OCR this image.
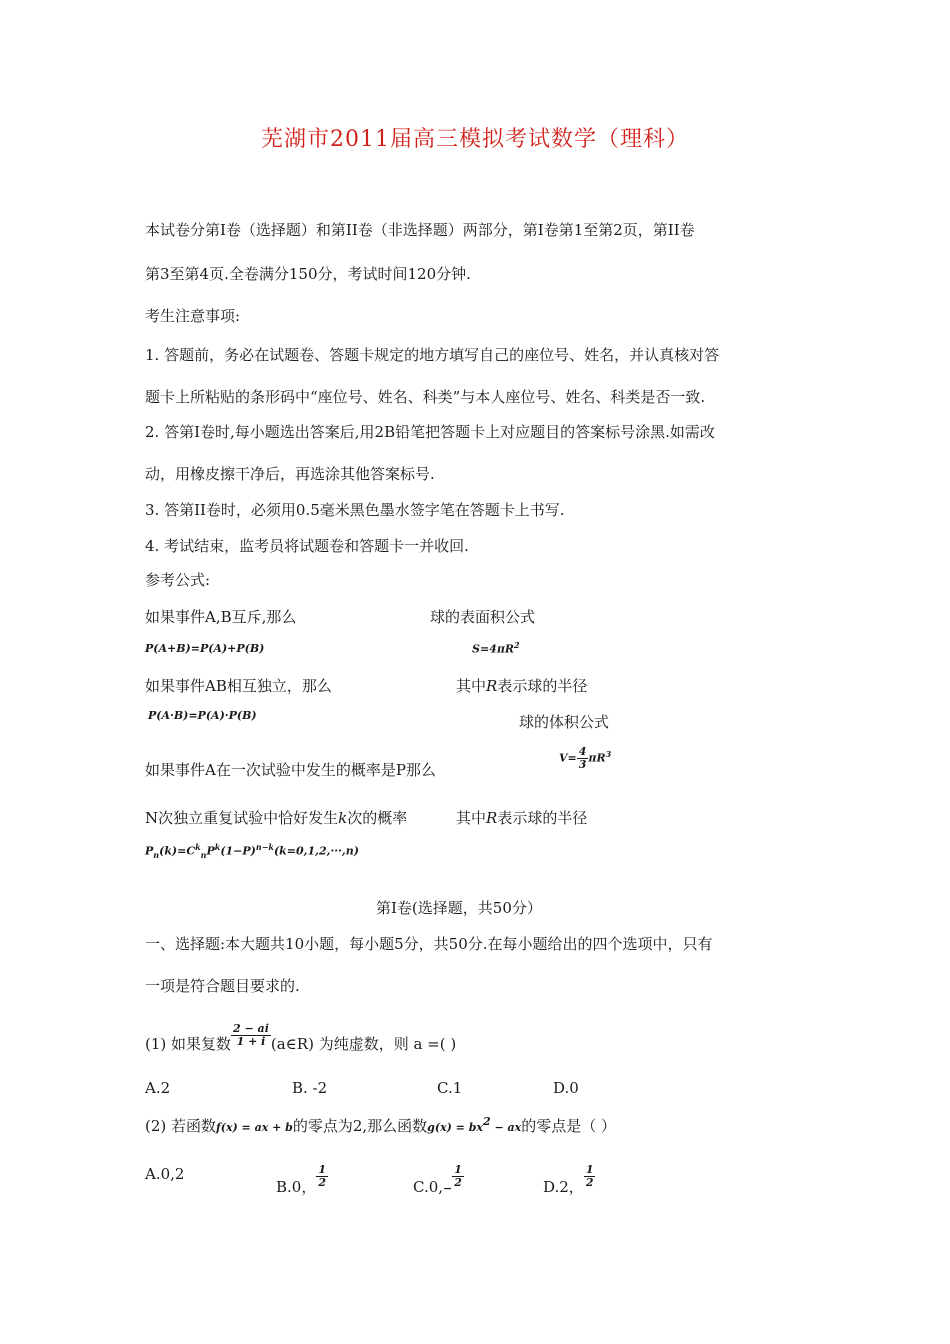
芜湖市2011届高三模拟考试数学（理科）
本试卷分第Ⅰ卷（选择题）和第II卷（非选择题）两部分，第Ⅰ卷第1至第2页，第II卷
第3至第4页.全卷满分150分，考试时间120分钟.
考生注意事项:
1. 答题前，务必在试题卷、答题卡规定的地方填写自己的座位号、姓名，并认真核对答
题卡上所粘贴的条形码中“座位号、姓名、科类”与本人座位号、姓名、科类是否一致.
2. 答第Ⅰ卷时,每小题选出答案后,用2B铅笔把答题卡上对应题目的答案标号涂黑.如需改
动，用橡皮擦干净后，再选涂其他答案标号.
3. 答第II卷时，必须用0.5毫米黑色墨水签字笔在答题卡上书写.
4. 考试结束，监考员将试题卷和答题卡一并收回.
参考公式:
如果事件A,B互斥,那么
P(A+B)=P(A)+P(B)
球的表面积公式
$S=4\pi R^2$
如果事件AB相互独立，那么	其中R表示球的半径
P(A·B)=P(A)·P(B)	球的体积公式
$V= \frac{4}{3} \pi R^3$
如果事件A在一次试验中发生的概率是P那么
N次独立重复试验中恰好发生k次的概率	其中R表示球的半径
$P_n(k)=C^k_nP^k(1-P)^{n-k}(k=0,1,2,\cdot\cdot\cdot,n)$
第Ⅰ卷(选择题，共50分）
一、选择题:本大题共10小题，每小题5分，共50分.在每小题给出的四个选项中，只有
一项是符合题目要求的.
(1) 如果复数 $\frac{2 - ai}{1 + i}$ (a∈R) 为纯虚数，则 a =( )
A.2	B. -2	C.1	D.0
(2) 若函数f(x) = ax + b的零点为2,那么函数$g(x) = bx^2$ − ax的零点是（ ）
A.0,2
B.0， $\frac{1}{2}$	$C.0,- \frac{1}{2}$	D.2， $\frac{1}{2}$
